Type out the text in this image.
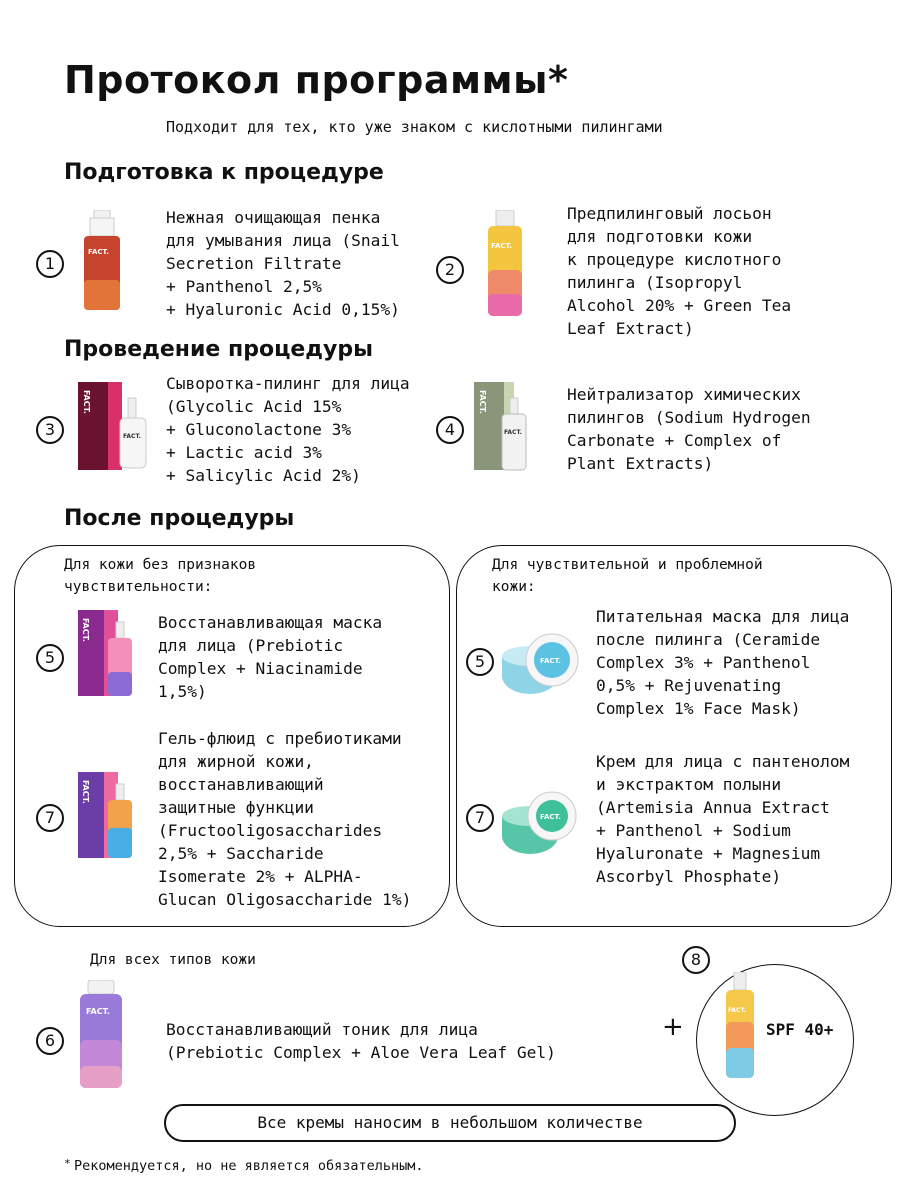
Протокол программы*
Подходит для тех, кто уже знаком с кислотными пилингами
Подготовка к процедуре
1
FACT.
Нежная очищающая пенка
для умывания лица (Snail
Secretion Filtrate
+ Panthenol 2,5%
+ Hyaluronic Acid 0,15%)
2
FACT.
Предпилинговый лосьон
для подготовки кожи
к процедуре кислотного
пилинга (Isopropyl
Alcohol 20% + Green Tea
Leaf Extract)
Проведение процедуры
3
FACT.
FACT.
Сыворотка-пилинг для лица
(Glycolic Acid 15%
+ Gluconolactone 3%
+ Lactic acid 3%
+ Salicylic Acid 2%)
4
FACT.
FACT.
Нейтрализатор химических
пилингов (Sodium Hydrogen
Carbonate + Complex of
Plant Extracts)
После процедуры
Для кожи без признаков
чувствительности:
5
FACT.	Восстанавливающая маска
для лица (Prebiotic
Complex + Niacinamide
1,5%)
7
FACT.
Гель-флюид с пребиотиками
для жирной кожи,
восстанавливающий
защитные функции
(Fructooligosaccharides
2,5% + Saccharide
Isomerate 2% + ALPHA-
Glucan Oligosaccharide 1%)
Для чувствительной и проблемной
кожи:
5	FACT.
Питательная маска для лица
после пилинга (Ceramide
Complex 3% + Panthenol
0,5% + Rejuvenating
Complex 1% Face Mask)
7	FACT.
Крем для лица с пантенолом
и экстрактом полыни
(Artemisia Annua Extract
+ Panthenol + Sodium
Hyaluronate + Magnesium
Ascorbyl Phosphate)
Для всех типов кожи
6
FACT.
Восстанавливающий тоник для лица
(Prebiotic Complex + Aloe Vera Leaf Gel)
+
8
FACT.
SPF 40+
Все кремы наносим в небольшом количестве
* Рекомендуется, но не является обязательным.
